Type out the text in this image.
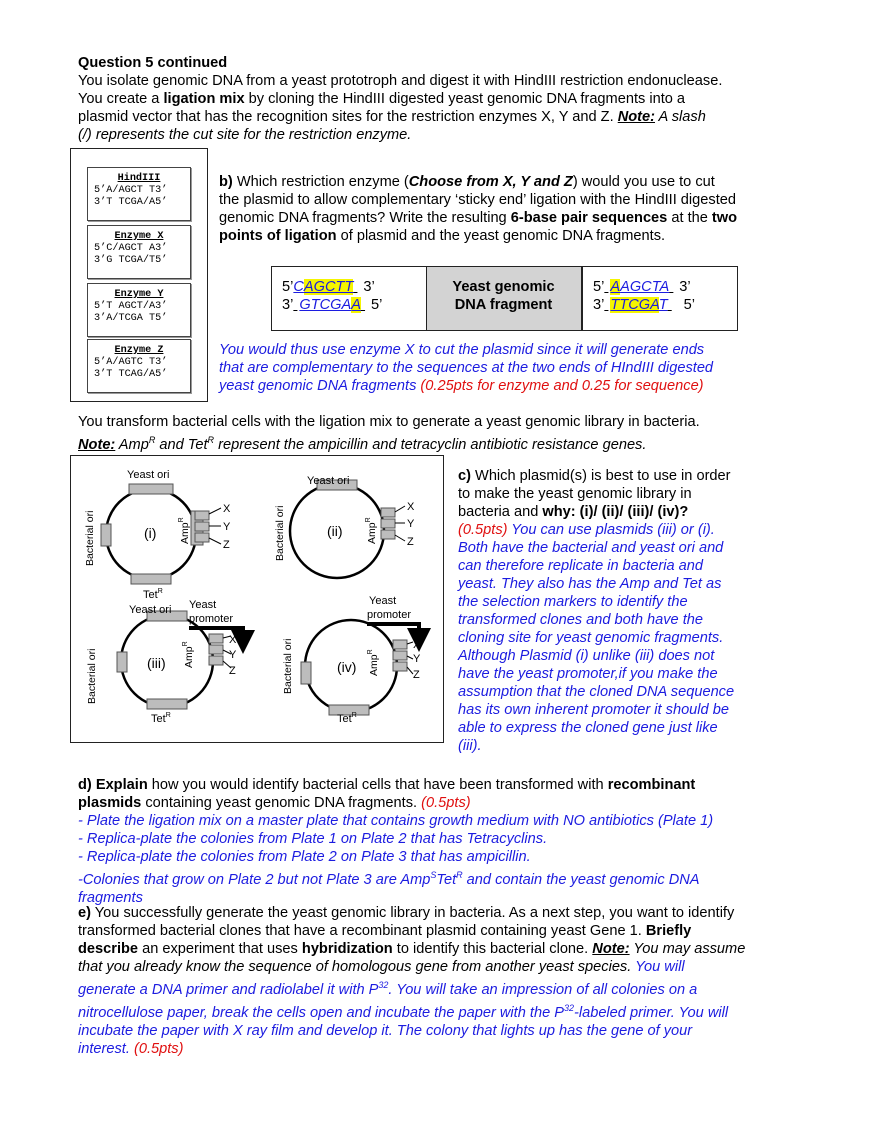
Question 5 continued
You isolate genomic DNA from a yeast prototroph and digest it with HindIII restriction endonuclease.
You create a ligation mix by cloning the HindIII digested yeast genomic DNA fragments into a
plasmid vector that has the recognition sites for the restriction enzymes X, Y and Z. Note: A slash
(/) represents the cut site for the restriction enzyme.
HindIII
5’A/AGCT T3’
3’T TCGA/A5’
Enzyme X
5’C/AGCT A3’
3’G TCGA/T5’
Enzyme Y
5’T AGCT/A3’
3’A/TCGA T5’
Enzyme Z
5’A/AGTC T3’
3’T TCAG/A5’
b) Which restriction enzyme (Choose from X, Y and Z) would you use to cut
the plasmid to allow complementary ‘sticky end’ ligation with the HindIII digested
genomic DNA fragments? Write the resulting 6-base pair sequences at the two
points of ligation of plasmid and the yeast genomic DNA fragments.
5’CAGCTT 3’
3’ GTCGAA 5’
Yeast genomic
DNA fragment
5’ AAGCTA 3’
3’ TTCGAT 5’
You would thus use enzyme X to cut the plasmid since it will generate ends
that are complementary to the sequences at the two ends of HIndIII digested
yeast genomic DNA fragments (0.25pts for enzyme and 0.25 for sequence)
You transform bacterial cells with the ligation mix to generate a yeast genomic library in bacteria.
Note: Amp$^R$ and Tet$^R$ represent the ampicillin and tetracyclin antibiotic resistance genes.
Yeast ori
Bacterial ori
Tet$^R$
Amp$^R$
X
Y
Z
(i)
Yeast ori
Bacterial ori	Amp$^R$
X
Y
Z
(ii)
Yeast ori Yeast
promoter
Bacterial ori
Tet$^R$
Amp$^R$	X
Y
Z
(iii)
Yeast
promoter
Bacterial ori
Tet$^R$
Amp$^R$
X
Y
Z
(iv)
c) Which plasmid(s) is best to use in order
to make the yeast genomic library in
bacteria and why: (i)/ (ii)/ (iii)/ (iv)?
(0.5pts) You can use plasmids (iii) or (i).
Both have the bacterial and yeast ori and
can therefore replicate in bacteria and
yeast. They also has the Amp and Tet as
the selection markers to identify the
transformed clones and both have the
cloning site for yeast genomic fragments.
Although Plasmid (i) unlike (iii) does not
have the yeast promoter,if you make the
assumption that the cloned DNA sequence
has its own inherent promoter it should be
able to express the cloned gene just like
(iii).
d) Explain how you would identify bacterial cells that have been transformed with recombinant
plasmids containing yeast genomic DNA fragments. (0.5pts)
- Plate the ligation mix on a master plate that contains growth medium with NO antibiotics (Plate 1)
- Replica-plate the colonies from Plate 1 on Plate 2 that has Tetracyclins.
- Replica-plate the colonies from Plate 2 on Plate 3 that has ampicillin.
-Colonies that grow on Plate 2 but not Plate 3 are Amp$^S$Tet$^R$ and contain the yeast genomic DNA
fragments
e) You successfully generate the yeast genomic library in bacteria. As a next step, you want to identify
transformed bacterial clones that have a recombinant plasmid containing yeast Gene 1. Briefly
describe an experiment that uses hybridization to identify this bacterial clone. Note: You may assume
that you already know the sequence of homologous gene from another yeast species. You will
generate a DNA primer and radiolabel it with $P^{32}$. You will take an impression of all colonies on a
nitrocellulose paper, break the cells open and incubate the paper with the $P^{32}$-labeled primer. You will
incubate the paper with X ray film and develop it. The colony that lights up has the gene of your
interest. (0.5pts)
